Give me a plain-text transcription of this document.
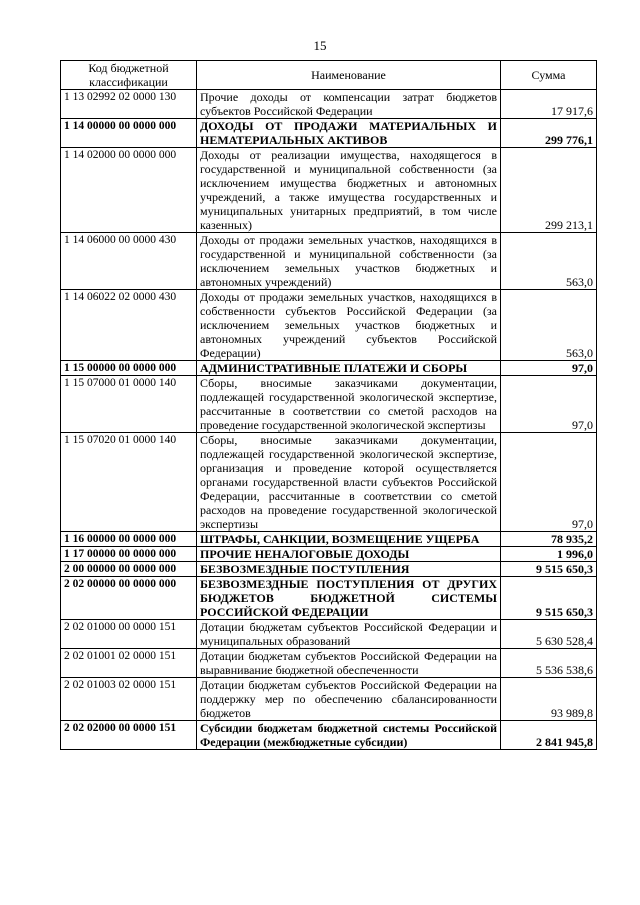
15
Код бюджетной классификации	Наименование	Сумма
1 13 02992 02 0000 130	Прочие доходы от компенсации затрат бюджетов субъектов Российской Федерации	17 917,6
1 14 00000 00 0000 000	ДОХОДЫ ОТ ПРОДАЖИ МАТЕРИАЛЬНЫХ И НЕМАТЕРИАЛЬНЫХ АКТИВОВ	299 776,1
1 14 02000 00 0000 000	Доходы от реализации имущества, находящегося в государственной и муниципальной собственности (за исключением имущества бюджетных и автономных учреждений, а также имущества государственных и муниципальных унитарных предприятий, в том числе казенных)	299 213,1
1 14 06000 00 0000 430	Доходы от продажи земельных участков, находящихся в государственной и муниципальной собственности (за исключением земельных участков бюджетных и автономных учреждений)	563,0
1 14 06022 02 0000 430	Доходы от продажи земельных участков, находящихся в собственности субъектов Российской Федерации (за исключением земельных участков бюджетных и автономных учреждений субъектов Российской Федерации)	563,0
1 15 00000 00 0000 000	АДМИНИСТРАТИВНЫЕ ПЛАТЕЖИ И СБОРЫ	97,0
1 15 07000 01 0000 140	Сборы, вносимые заказчиками документации, подлежащей государственной экологической экспертизе, рассчитанные в соответствии со сметой расходов на проведение государственной экологической экспертизы	97,0
1 15 07020 01 0000 140	Сборы, вносимые заказчиками документации, подлежащей государственной экологической экспертизе, организация и проведение которой осуществляется органами государственной власти субъектов Российской Федерации, рассчитанные в соответствии со сметой расходов на проведение государственной экологической экспертизы	97,0
1 16 00000 00 0000 000	ШТРАФЫ, САНКЦИИ, ВОЗМЕЩЕНИЕ УЩЕРБА	78 935,2
1 17 00000 00 0000 000	ПРОЧИЕ НЕНАЛОГОВЫЕ ДОХОДЫ	1 996,0
2 00 00000 00 0000 000	БЕЗВОЗМЕЗДНЫЕ ПОСТУПЛЕНИЯ	9 515 650,3
2 02 00000 00 0000 000	БЕЗВОЗМЕЗДНЫЕ ПОСТУПЛЕНИЯ ОТ ДРУГИХ БЮДЖЕТОВ БЮДЖЕТНОЙ СИСТЕМЫ РОССИЙСКОЙ ФЕДЕРАЦИИ	9 515 650,3
2 02 01000 00 0000 151	Дотации бюджетам субъектов Российской Федерации и муниципальных образований	5 630 528,4
2 02 01001 02 0000 151	Дотации бюджетам субъектов Российской Федерации на выравнивание бюджетной обеспеченности	5 536 538,6
2 02 01003 02 0000 151	Дотации бюджетам субъектов Российской Федерации на поддержку мер по обеспечению сбалансированности бюджетов	93 989,8
2 02 02000 00 0000 151	Субсидии бюджетам бюджетной системы Российской Федерации (межбюджетные субсидии)	2 841 945,8
